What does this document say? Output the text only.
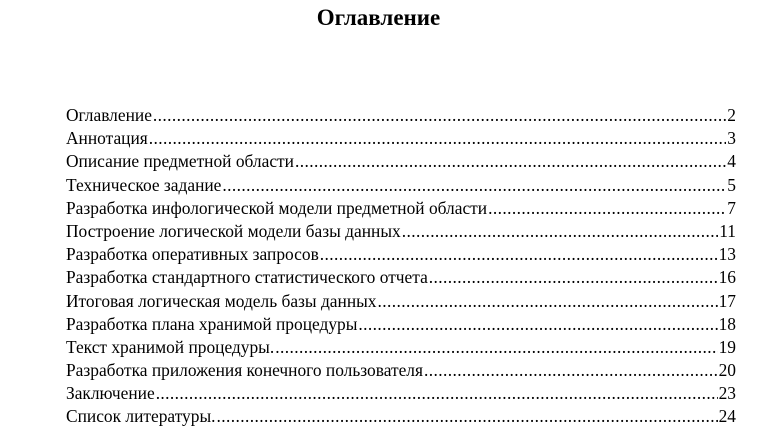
Оглавление
Оглавление .....	2
Аннотация .....	3
Описание предметной области .....	4
Техническое задание .....	5
Разработка инфологической модели предметной области .....	7
Построение логической модели базы данных .....	11
Разработка оперативных запросов .....	13
Разработка стандартного статистического отчета .....	16
Итоговая логическая модель базы данных .....	17
Разработка плана хранимой процедуры .....	18
Текст хранимой процедуры. .....	19
Разработка приложения конечного пользователя .....	20
Заключение .....	23
Список литературы. .....	24
